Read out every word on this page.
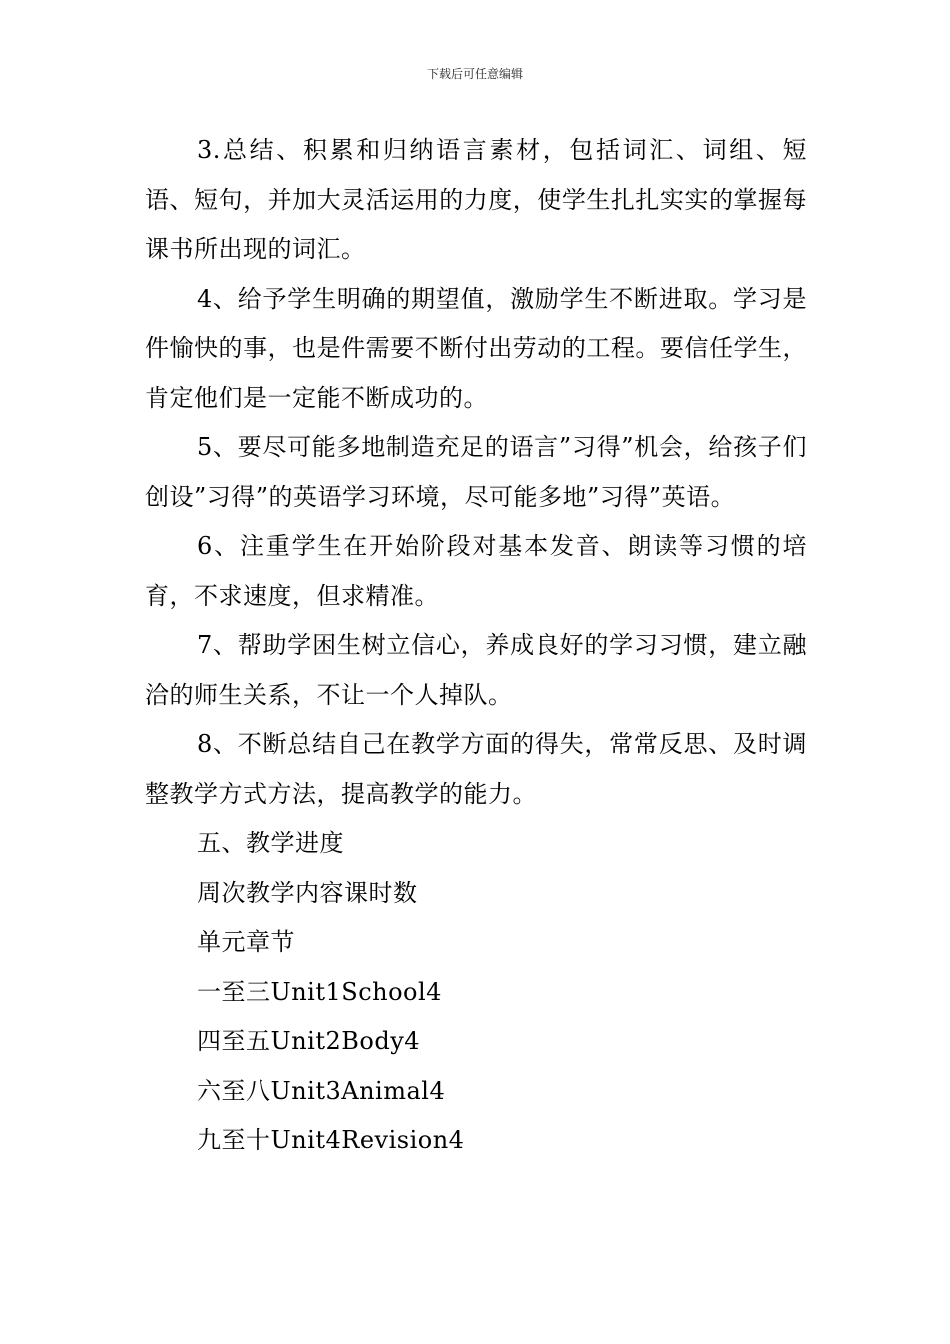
下载后可任意编辑

3.总结、积累和归纳语言素材，包括词汇、词组、短语、短句，并加大灵活运用的力度，使学生扎扎实实的掌握每课书所出现的词汇。

4、给予学生明确的期望值，激励学生不断进取。学习是件愉快的事，也是件需要不断付出劳动的工程。要信任学生，肯定他们是一定能不断成功的。

5、要尽可能多地制造充足的语言”习得”机会，给孩子们创设”习得”的英语学习环境，尽可能多地”习得”英语。

6、注重学生在开始阶段对基本发音、朗读等习惯的培育，不求速度，但求精准。

7、帮助学困生树立信心，养成良好的学习习惯，建立融洽的师生关系，不让一个人掉队。

8、不断总结自己在教学方面的得失，常常反思、及时调整教学方式方法，提高教学的能力。

五、教学进度

周次教学内容课时数

单元章节

一至三Unit1School4

四至五Unit2Body4

六至八Unit3Animal4

九至十Unit4Revision4
